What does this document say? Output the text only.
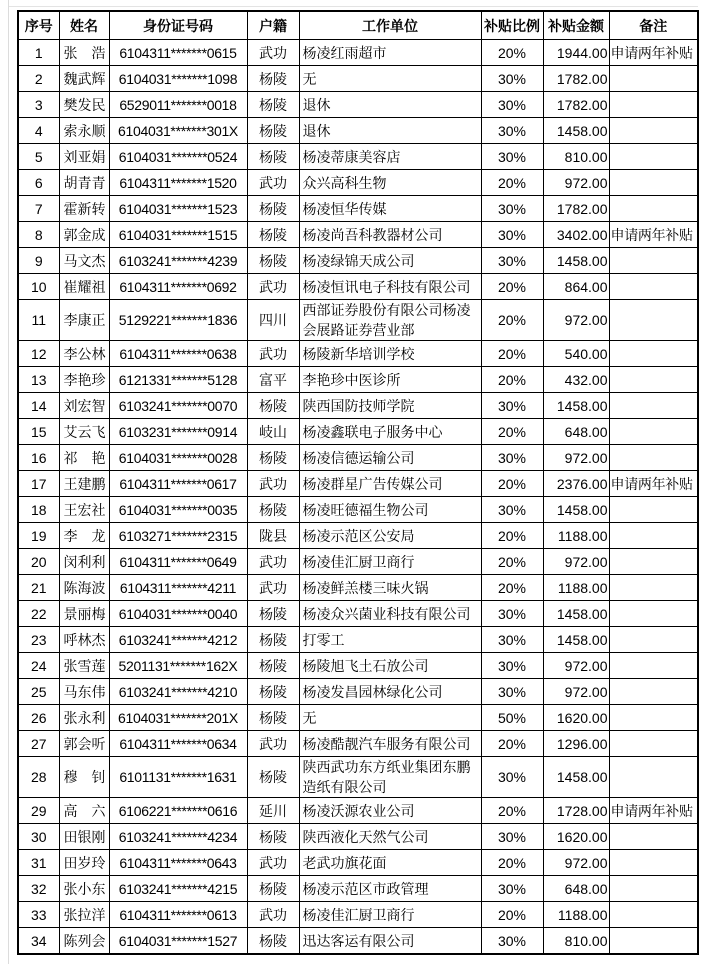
序号	姓名	身份证号码	户籍	工作单位	补贴比例	补贴金额	备注
1	张　浩	6104311*******0615	武功	杨凌红雨超市	20%	1944.00	申请两年补贴
2	魏武辉	6104031*******1098	杨陵	无	30%	1782.00	
3	樊发民	6529011*******0018	杨陵	退休	30%	1782.00	
4	索永顺	6104031*******301X	杨陵	退休	30%	1458.00	
5	刘亚娟	6104031*******0524	杨陵	杨凌蒂康美容店	30%	810.00	
6	胡青青	6104311*******1520	武功	众兴高科生物	20%	972.00	
7	霍新转	6104031*******1523	杨陵	杨凌恒华传媒	30%	1782.00	
8	郭金成	6104031*******1515	杨陵	杨凌尚吾科教器材公司	30%	3402.00	申请两年补贴
9	马文杰	6103241*******4239	杨陵	杨凌绿锦天成公司	30%	1458.00	
10	崔耀祖	6104311*******0692	武功	杨凌恒讯电子科技有限公司	20%	864.00	
11	李康正	5129221*******1836	四川	西部证券股份有限公司杨凌会展路证券营业部	20%	972.00	
12	李公林	6104311*******0638	武功	杨陵新华培训学校	20%	540.00	
13	李艳珍	6121331*******5128	富平	李艳珍中医诊所	20%	432.00	
14	刘宏智	6103241*******0070	杨陵	陕西国防技师学院	30%	1458.00	
15	艾云飞	6103231*******0914	岐山	杨凌鑫联电子服务中心	20%	648.00	
16	祁　艳	6104031*******0028	杨陵	杨凌信德运输公司	30%	972.00	
17	王建鹏	6104311*******0617	武功	杨凌群星广告传媒公司	20%	2376.00	申请两年补贴
18	王宏社	6104031*******0035	杨陵	杨凌旺德福生物公司	30%	1458.00	
19	李　龙	6103271*******2315	陇县	杨凌示范区公安局	20%	1188.00	
20	闵利利	6104311*******0649	武功	杨凌佳汇厨卫商行	20%	972.00	
21	陈海波	6104311*******4211	武功	杨凌鲜羔楼三味火锅	20%	1188.00	
22	景丽梅	6104031*******0040	杨陵	杨凌众兴菌业科技有限公司	30%	1458.00	
23	呼林杰	6103241*******4212	杨陵	打零工	30%	1458.00	
24	张雪莲	5201131*******162X	杨陵	杨陵旭飞土石放公司	30%	972.00	
25	马东伟	6103241*******4210	杨陵	杨凌发昌园林绿化公司	30%	972.00	
26	张永利	6104031*******201X	杨陵	无	50%	1620.00	
27	郭会听	6104311*******0634	武功	杨凌酷靓汽车服务有限公司	20%	1296.00	
28	穆　钊	6101131*******1631	杨陵	陕西武功东方纸业集团东鹏造纸有限公司	30%	1458.00	
29	高　六	6106221*******0616	延川	杨凌沃源农业公司	20%	1728.00	申请两年补贴
30	田银刚	6103241*******4234	杨陵	陕西液化天然气公司	30%	1620.00	
31	田岁玲	6104311*******0643	武功	老武功旗花面	20%	972.00	
32	张小东	6103241*******4215	杨陵	杨凌示范区市政管理	30%	648.00	
33	张拉洋	6104311*******0613	武功	杨凌佳汇厨卫商行	20%	1188.00	
34	陈列会	6104031*******1527	杨陵	迅达客运有限公司	30%	810.00	
